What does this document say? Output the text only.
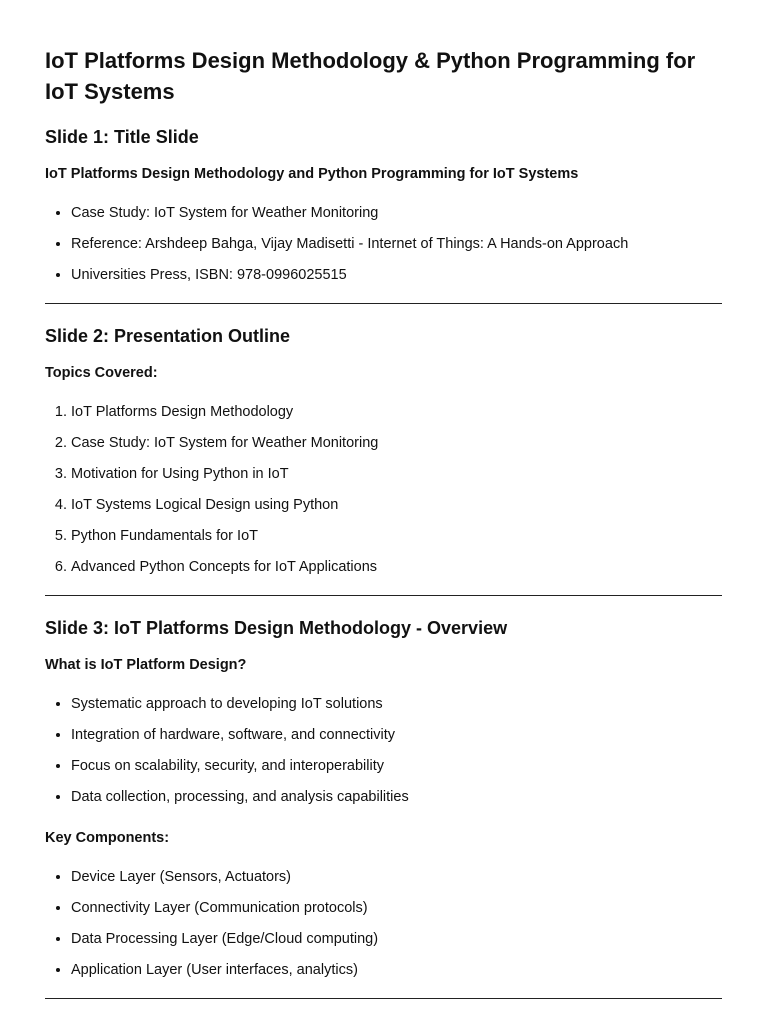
IoT Platforms Design Methodology & Python Programming for IoT Systems
Slide 1: Title Slide

IoT Platforms Design Methodology and Python Programming for IoT Systems

• Case Study: IoT System for Weather Monitoring
• Reference: Arshdeep Bahga, Vijay Madisetti - Internet of Things: A Hands-on Approach
• Universities Press, ISBN: 978-0996025515
Slide 2: Presentation Outline

Topics Covered:

1. IoT Platforms Design Methodology
2. Case Study: IoT System for Weather Monitoring
3. Motivation for Using Python in IoT
4. IoT Systems Logical Design using Python
5. Python Fundamentals for IoT
6. Advanced Python Concepts for IoT Applications
Slide 3: IoT Platforms Design Methodology - Overview

What is IoT Platform Design?

• Systematic approach to developing IoT solutions
• Integration of hardware, software, and connectivity
• Focus on scalability, security, and interoperability
• Data collection, processing, and analysis capabilities

Key Components:

• Device Layer (Sensors, Actuators)
• Connectivity Layer (Communication protocols)
• Data Processing Layer (Edge/Cloud computing)
• Application Layer (User interfaces, analytics)
